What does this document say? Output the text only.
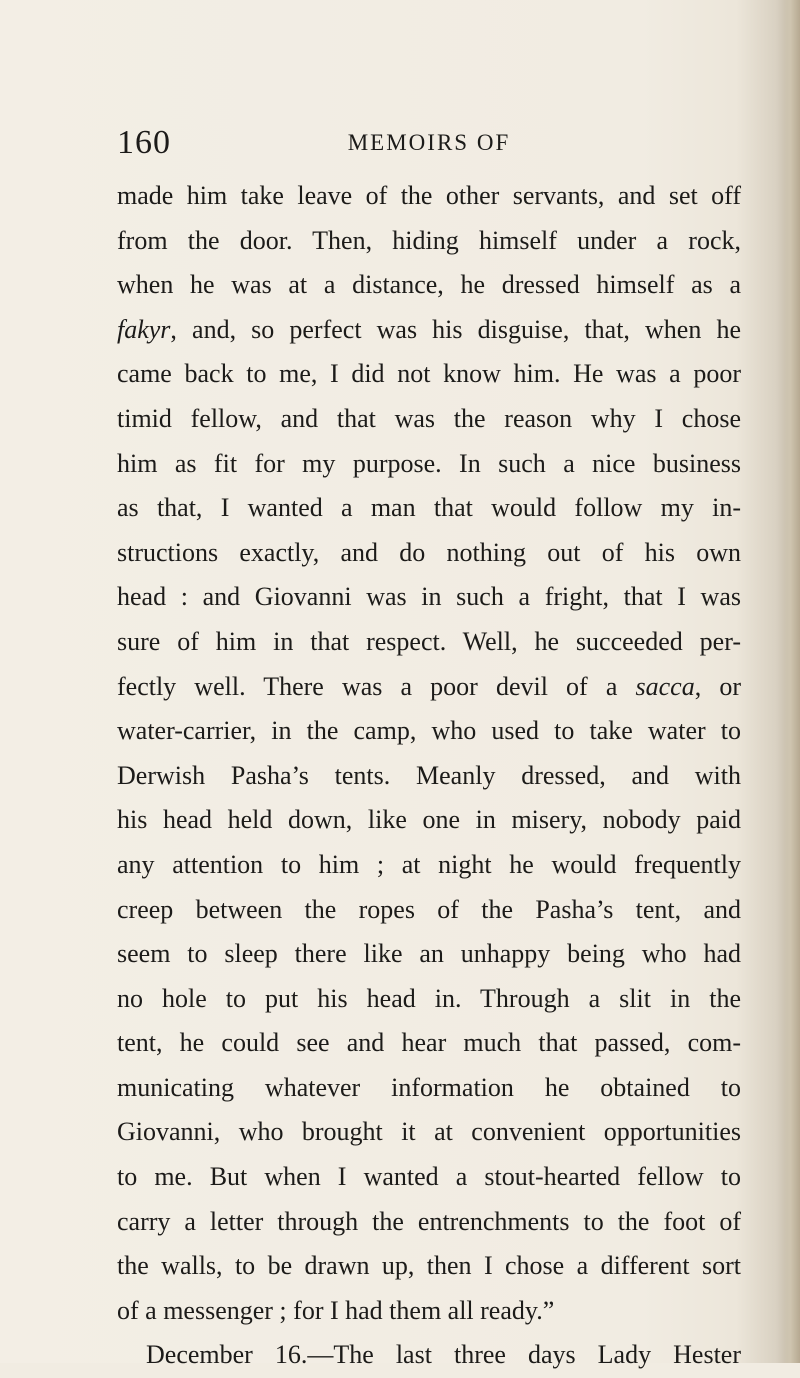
160	MEMOIRS OF
made him take leave of the other servants, and set off
from the door. Then, hiding himself under a rock,
when he was at a distance, he dressed himself as a
fakyr, and, so perfect was his disguise, that, when he
came back to me, I did not know him. He was a poor
timid fellow, and that was the reason why I chose
him as fit for my purpose. In such a nice business
as that, I wanted a man that would follow my in-
structions exactly, and do nothing out of his own
head : and Giovanni was in such a fright, that I was
sure of him in that respect. Well, he succeeded per-
fectly well. There was a poor devil of a sacca, or
water-carrier, in the camp, who used to take water to
Derwish Pasha’s tents. Meanly dressed, and with
his head held down, like one in misery, nobody paid
any attention to him ; at night he would frequently
creep between the ropes of the Pasha’s tent, and
seem to sleep there like an unhappy being who had
no hole to put his head in. Through a slit in the
tent, he could see and hear much that passed, com-
municating whatever information he obtained to
Giovanni, who brought it at convenient opportunities
to me. But when I wanted a stout-hearted fellow to
carry a letter through the entrenchments to the foot of
the walls, to be drawn up, then I chose a different sort
of a messenger ; for I had them all ready.”
December 16.—The last three days Lady Hester
